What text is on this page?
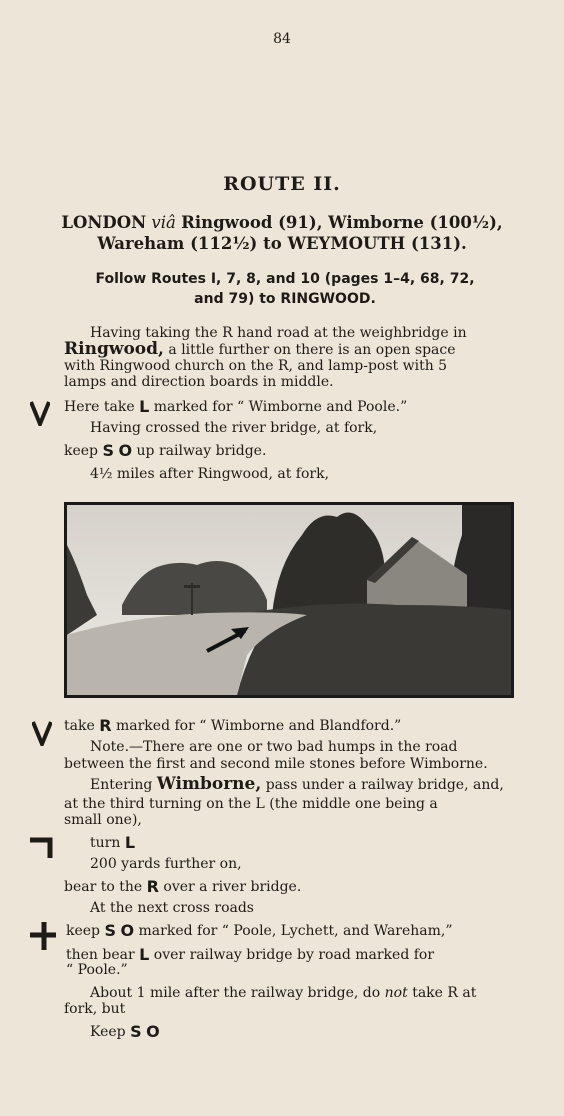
84
ROUTE II.
LONDON viâ Ringwood (91), Wimborne (100½),
Wareham (112½) to WEYMOUTH (131).
Follow Routes I, 7, 8, and 10 (pages 1–4, 68, 72,
and 79) to RINGWOOD.
Having taking the R hand road at the weighbridge in
Ringwood, a little further on there is an open space
with Ringwood church on the R, and lamp-post with 5
lamps and direction boards in middle.
Here take L marked for “ Wimborne and Poole.”
Having crossed the river bridge, at fork,
keep S O up railway bridge.
4½ miles after Ringwood, at fork,
take R marked for “ Wimborne and Blandford.”
Note.—There are one or two bad humps in the road
between the first and second mile stones before Wimborne.
Entering Wimborne, pass under a railway bridge, and,
at the third turning on the L (the middle one being a
small one),
turn L
200 yards further on,
bear to the R over a river bridge.
At the next cross roads
keep S O marked for “ Poole, Lychett, and Wareham,”
then bear L over railway bridge by road marked for
“ Poole.”
About 1 mile after the railway bridge, do not take R at
fork, but
Keep S O
